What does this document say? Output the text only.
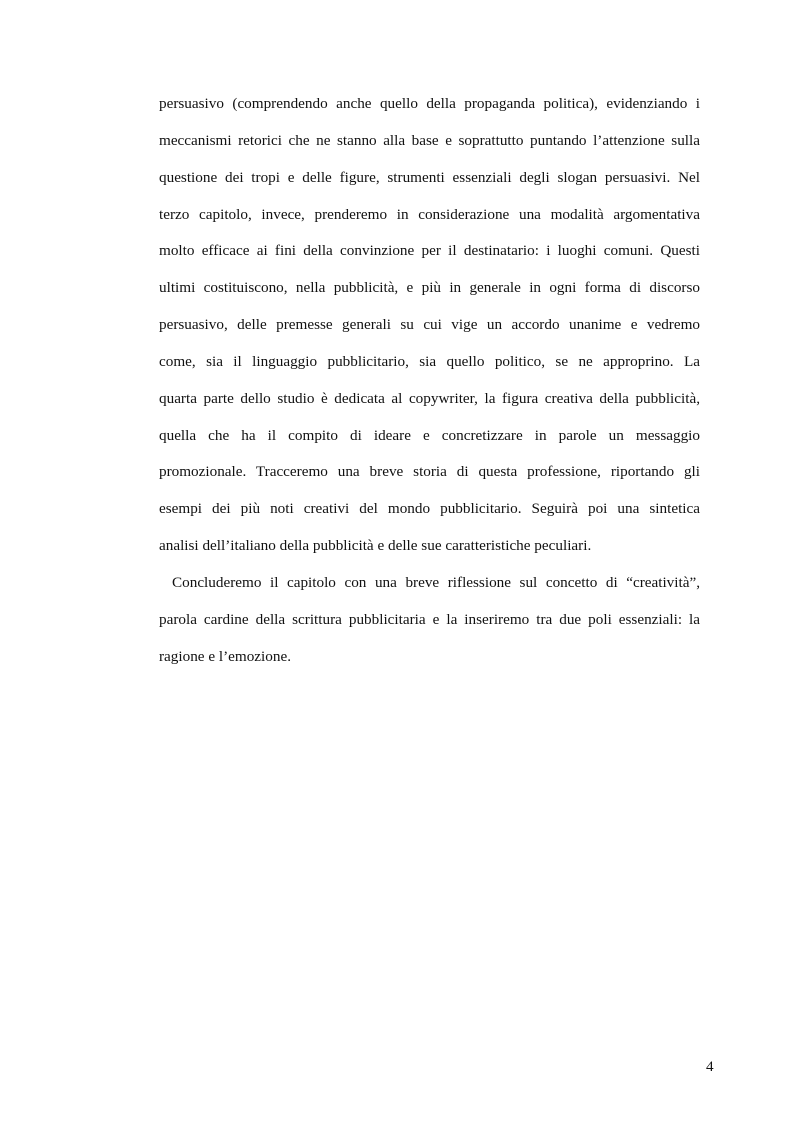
persuasivo (comprendendo anche quello della propaganda politica), evidenziando i
meccanismi retorici che ne stanno alla base e soprattutto puntando l’attenzione sulla
questione dei tropi e delle figure, strumenti essenziali degli slogan persuasivi. Nel
terzo capitolo, invece, prenderemo in considerazione una modalità argomentativa
molto efficace ai fini della convinzione per il destinatario: i luoghi comuni. Questi
ultimi costituiscono, nella pubblicità, e più in generale in ogni forma di discorso
persuasivo, delle premesse generali su cui vige un accordo unanime e vedremo
come, sia il linguaggio pubblicitario, sia quello politico, se ne approprino. La
quarta parte dello studio è dedicata al copywriter, la figura creativa della pubblicità,
quella che ha il compito di ideare e concretizzare in parole un messaggio
promozionale. Tracceremo una breve storia di questa professione, riportando gli
esempi dei più noti creativi del mondo pubblicitario. Seguirà poi una sintetica
analisi dell’italiano della pubblicità e delle sue caratteristiche peculiari.
Concluderemo il capitolo con una breve riflessione sul concetto di “creatività”,
parola cardine della scrittura pubblicitaria e la inseriremo tra due poli essenziali: la
ragione e l’emozione.
4
